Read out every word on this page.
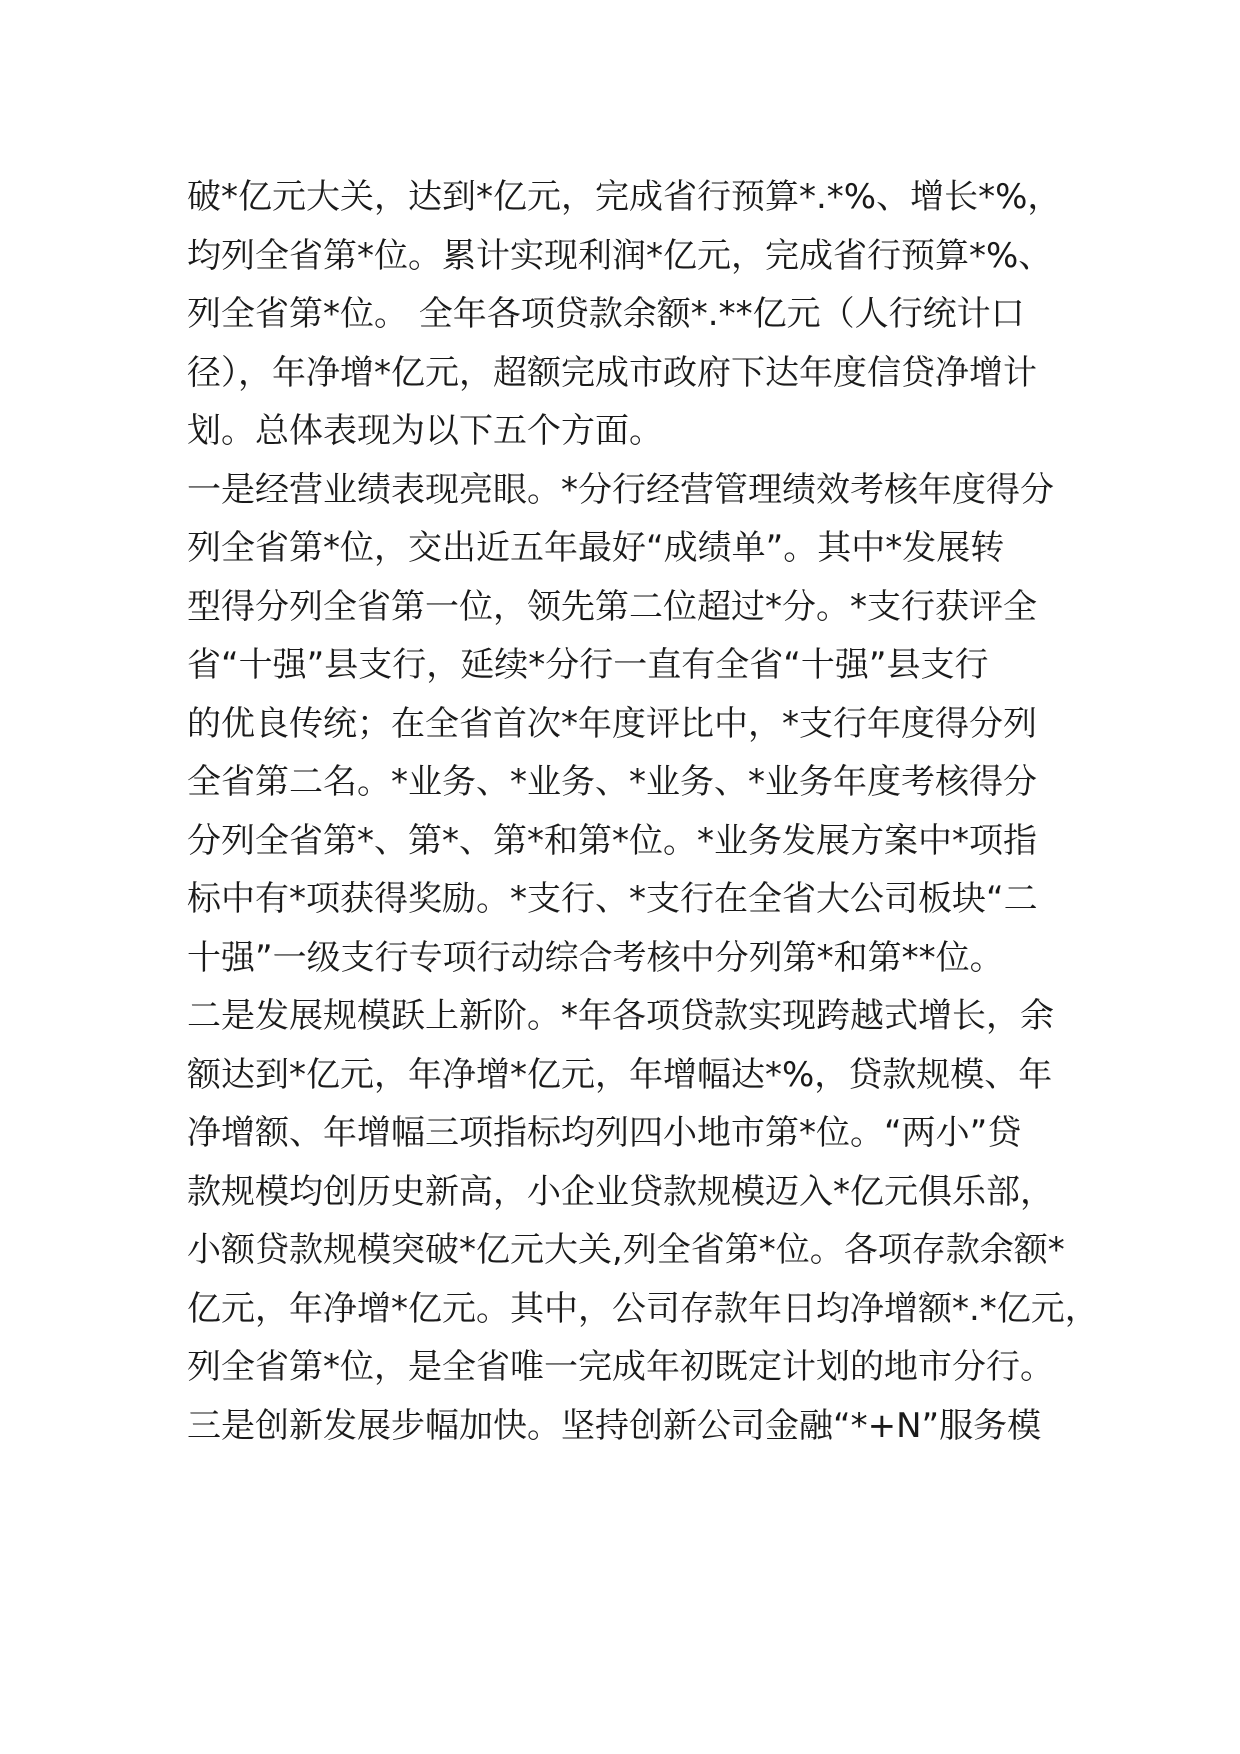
破*亿元大关，达到*亿元，完成省行预算*.*%、增长*%，

均列全省第*位。累计实现利润*亿元，完成省行预算*%、

列全省第*位。 全年各项贷款余额*.**亿元（人行统计口

径），年净增*亿元，超额完成市政府下达年度信贷净增计

划。总体表现为以下五个方面。

一是经营业绩表现亮眼。*分行经营管理绩效考核年度得分

列全省第*位，交出近五年最好“成绩单”。其中*发展转

型得分列全省第一位，领先第二位超过*分。*支行获评全

省“十强”县支行，延续*分行一直有全省“十强”县支行

的优良传统；在全省首次*年度评比中，*支行年度得分列

全省第二名。*业务、*业务、*业务、*业务年度考核得分

分列全省第*、第*、第*和第*位。*业务发展方案中*项指

标中有*项获得奖励。*支行、*支行在全省大公司板块“二

十强”一级支行专项行动综合考核中分列第*和第**位。

二是发展规模跃上新阶。*年各项贷款实现跨越式增长，余

额达到*亿元，年净增*亿元，年增幅达*%，贷款规模、年

净增额、年增幅三项指标均列四小地市第*位。“两小”贷

款规模均创历史新高，小企业贷款规模迈入*亿元俱乐部，

小额贷款规模突破*亿元大关,列全省第*位。各项存款余额*

亿元，年净增*亿元。其中，公司存款年日均净增额*.*亿元，

列全省第*位，是全省唯一完成年初既定计划的地市分行。

三是创新发展步幅加快。坚持创新公司金融“*+N”服务模
